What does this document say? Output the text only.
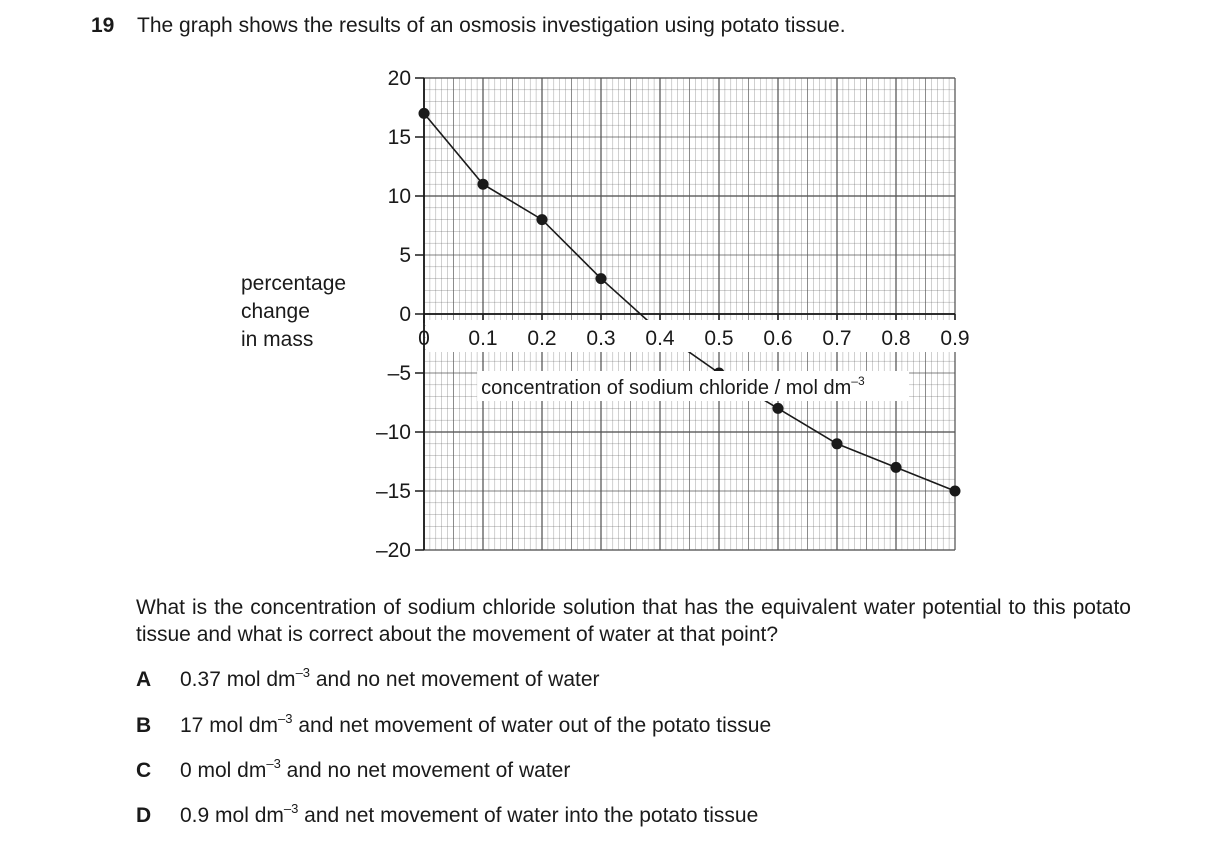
19 The graph shows the results of an osmosis investigation using potato tissue.
percentage
change
in mass
20
15
10
5
0
–5
–10
–15
–20
0 0.1 0.2 0.3 0.4 0.5 0.6 0.7 0.8 0.9
concentration of sodium chloride / mol $dm^{-3}$
What is the concentration of sodium chloride solution that has the equivalent water potential to this potato tissue and what is correct about the movement of water at that point?
A 0.37 mol $dm^{-3}$ and no net movement of water
B 17 mol $dm^{-3}$ and net movement of water out of the potato tissue
C 0 mol $dm^{-3}$ and no net movement of water
D 0.9 mol $dm^{-3}$ and net movement of water into the potato tissue
